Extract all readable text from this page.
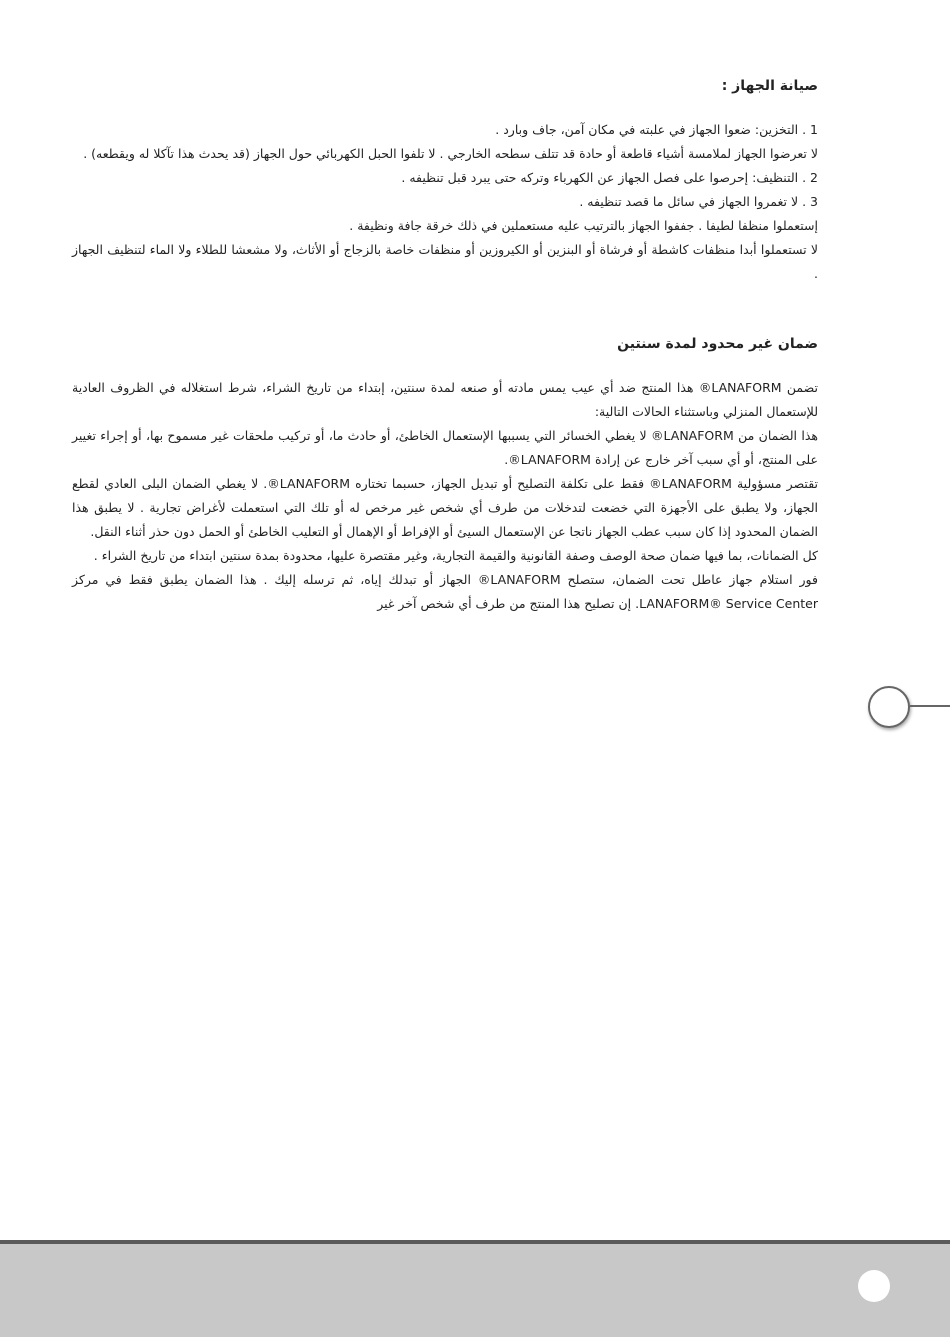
صيانة الجهاز :

1 . التخزين: ضعوا الجهاز في علبته في مكان آمن، جاف وبارد .

لا تعرضوا الجهاز لملامسة أشياء قاطعة أو حادة قد تتلف سطحه الخارجي . لا تلفوا الحبل الكهربائي حول الجهاز (قد يحدث هذا تآكلا له ويقطعه) .

2 . التنظيف: إحرصوا على فصل الجهاز عن الكهرباء وتركه حتى يبرد قبل تنظيفه .

3 . لا تغمروا الجهاز في سائل ما قصد تنظيفه .

إستعملوا منظفا لطيفا . جففوا الجهاز بالترتيب عليه مستعملين في ذلك خرقة جافة ونظيفة .

لا تستعملوا أبدا منظفات كاشطة أو فرشاة أو البنزين أو الكيروزين أو منظفات خاصة بالزجاج أو الأثاث، ولا مشعشا للطلاء ولا الماء لتنظيف الجهاز .

ضمان غير محدود لمدة سنتين

تضمن LANAFORM® هذا المنتج ضد أي عيب يمس مادته أو صنعه لمدة سنتين، إبتداء من تاريخ الشراء، شرط استغلاله في الظروف العادية للإستعمال المنزلي وباستثناء الحالات التالية:

هذا الضمان من LANAFORM® لا يغطي الخسائر التي يسببها الإستعمال الخاطئ، أو حادث ما، أو تركيب ملحقات غير مسموح بها، أو إجراء تغيير على المنتج، أو أي سبب آخر خارج عن إرادة LANAFORM®.

تقتصر مسؤولية LANAFORM® فقط على تكلفة التصليح أو تبديل الجهاز، حسبما تختاره LANAFORM®. لا يغطي الضمان البلى العادي لقطع الجهاز، ولا يطبق على الأجهزة التي خضعت لتدخلات من طرف أي شخص غير مرخص له أو تلك التي استعملت لأغراض تجارية . لا يطبق هذا الضمان المحدود إذا كان سبب عطب الجهاز ناتجا عن الإستعمال السيئ أو الإفراط أو الإهمال أو التعليب الخاطئ أو الحمل دون حذر أثناء النقل.

كل الضمانات، بما فيها ضمان صحة الوصف وصفة القانونية والقيمة التجارية، وغير مقتصرة عليها، محدودة بمدة سنتين ابتداء من تاريخ الشراء .

فور استلام جهاز عاطل تحت الضمان، ستصلح LANAFORM® الجهاز أو تبدلك إياه، ثم ترسله إليك . هذا الضمان يطبق فقط في مركز LANAFORM® Service Center. إن تصليح هذا المنتج من طرف أي شخص آخر غير
